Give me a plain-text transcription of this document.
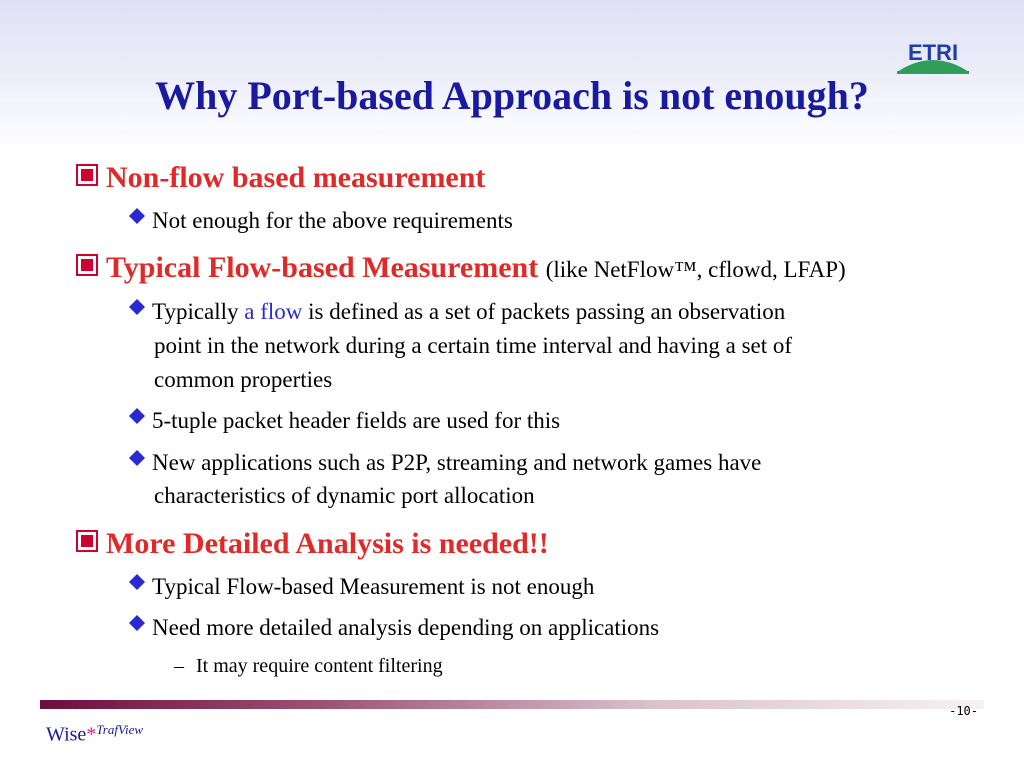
ETRI
Why Port-based Approach is not enough?
Non-flow based measurement
Not enough for the above requirements
Typical Flow-based Measurement (like NetFlow™, cflowd, LFAP)
Typically a flow is defined as a set of packets passing an observation
point in the network during a certain time interval and having a set of
common properties
5-tuple packet header fields are used for this
New applications such as P2P, streaming and network games have
characteristics of dynamic port allocation
More Detailed Analysis is needed!!
Typical Flow-based Measurement is not enough
Need more detailed analysis depending on applications
– It may require content filtering
-10-
Wise*$^{TrafView}$
